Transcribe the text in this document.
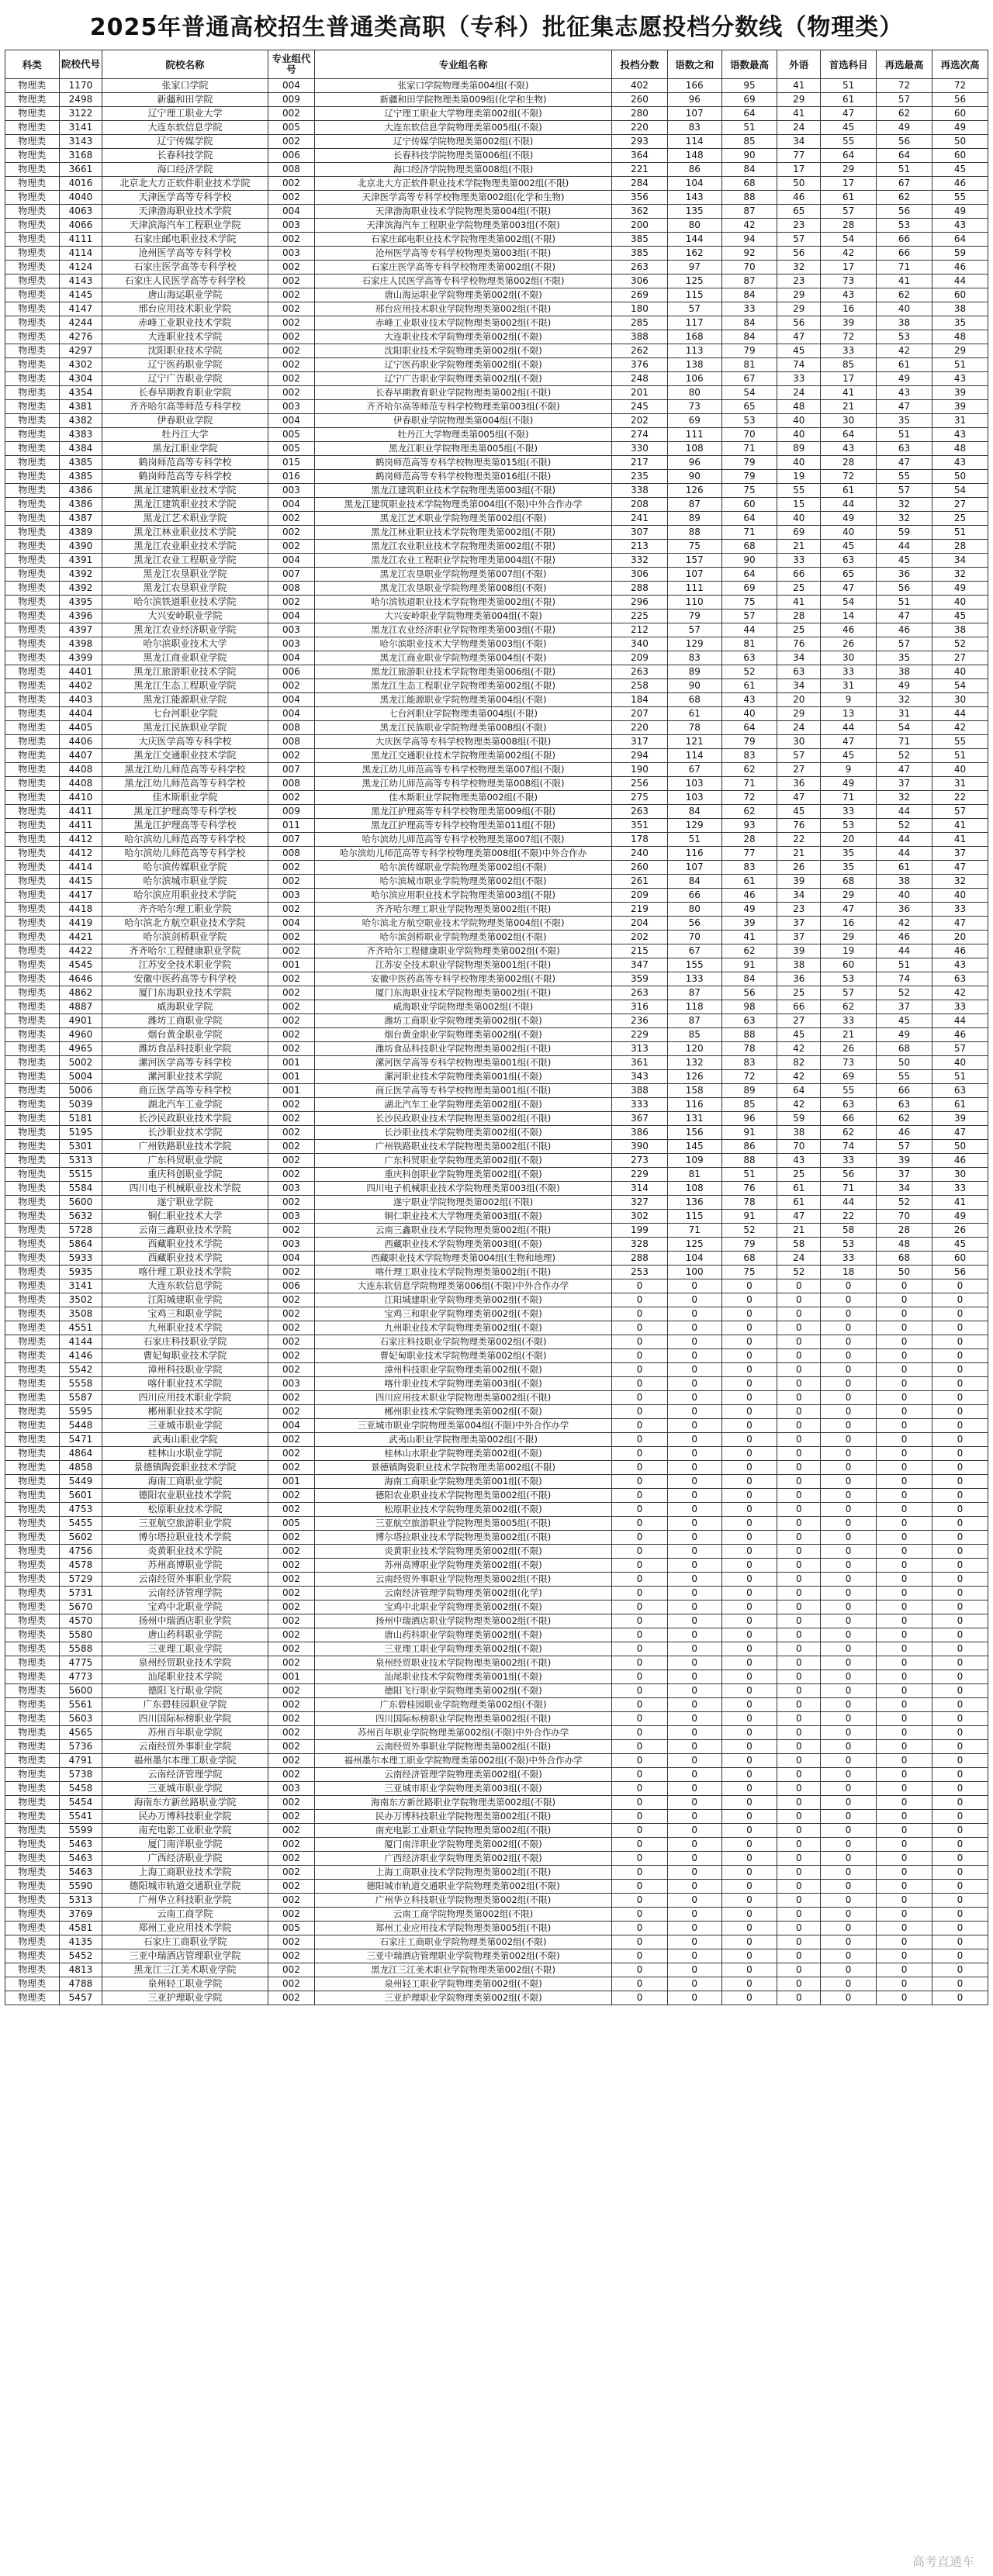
2025年普通高校招生普通类高职（专科）批征集志愿投档分数线（物理类）
科类	院校代号	院校名称	专业组代号	专业组名称	投档分数	语数之和	语数最高	外语	首选科目	再选最高	再选次高
物理类	1170	张家口学院	004	张家口学院物理类第004组(不限)	402	166	95	41	51	72	72
物理类	2498	新疆和田学院	009	新疆和田学院物理类第009组(化学和生物)	260	96	69	29	61	57	56
物理类	3122	辽宁理工职业大学	002	辽宁理工职业大学物理类第002组(不限)	280	107	64	41	47	62	60
物理类	3141	大连东软信息学院	005	大连东软信息学院物理类第005组(不限)	220	83	51	24	45	49	49
物理类	3143	辽宁传媒学院	002	辽宁传媒学院物理类第002组(不限)	293	114	85	34	55	56	50
物理类	3168	长春科技学院	006	长春科技学院物理类第006组(不限)	364	148	90	77	64	64	60
物理类	3661	海口经济学院	008	海口经济学院物理类第008组(不限)	221	86	84	17	29	51	45
物理类	4016	北京北大方正软件职业技术学院	002	北京北大方正软件职业技术学院物理类第002组(不限)	284	104	68	50	17	67	46
物理类	4040	天津医学高等专科学校	002	天津医学高等专科学校物理类第002组(化学和生物)	356	143	88	46	61	62	55
物理类	4063	天津渤海职业技术学院	004	天津渤海职业技术学院物理类第004组(不限)	362	135	87	65	57	56	49
物理类	4066	天津滨海汽车工程职业学院	003	天津滨海汽车工程职业学院物理类第003组(不限)	200	80	42	23	28	53	43
物理类	4111	石家庄邮电职业技术学院	002	石家庄邮电职业技术学院物理类第002组(不限)	385	144	94	57	54	66	64
物理类	4114	沧州医学高等专科学校	003	沧州医学高等专科学校物理类第003组(不限)	385	162	92	56	42	66	59
物理类	4124	石家庄医学高等专科学校	002	石家庄医学高等专科学校物理类第002组(不限)	263	97	70	32	17	71	46
物理类	4143	石家庄人民医学高等专科学校	002	石家庄人民医学高等专科学校物理类第002组(不限)	306	125	87	23	73	41	44
物理类	4145	唐山海运职业学院	002	唐山海运职业学院物理类第002组(不限)	269	115	84	29	43	62	60
物理类	4147	邢台应用技术职业学院	002	邢台应用技术职业学院物理类第002组(不限)	180	57	33	29	16	40	38
物理类	4244	赤峰工业职业技术学院	002	赤峰工业职业技术学院物理类第002组(不限)	285	117	84	56	39	38	35
物理类	4276	大连职业技术学院	002	大连职业技术学院物理类第002组(不限)	388	168	84	47	72	53	48
物理类	4297	沈阳职业技术学院	002	沈阳职业技术学院物理类第002组(不限)	262	113	79	45	33	42	29
物理类	4302	辽宁医药职业学院	002	辽宁医药职业学院物理类第002组(不限)	376	138	81	74	85	61	51
物理类	4304	辽宁广告职业学院	002	辽宁广告职业学院物理类第002组(不限)	248	106	67	33	17	49	43
物理类	4354	长春早期教育职业学院	002	长春早期教育职业学院物理类第002组(不限)	201	80	54	24	41	43	39
物理类	4381	齐齐哈尔高等师范专科学校	003	齐齐哈尔高等师范专科学校物理类第003组(不限)	245	73	65	48	21	47	39
物理类	4382	伊春职业学院	004	伊春职业学院物理类第004组(不限)	202	69	53	40	30	35	31
物理类	4383	牡丹江大学	005	牡丹江大学物理类第005组(不限)	274	111	70	40	64	51	43
物理类	4384	黑龙江职业学院	005	黑龙江职业学院物理类第005组(不限)	330	108	71	89	43	63	48
物理类	4385	鹤岗师范高等专科学校	015	鹤岗师范高等专科学校物理类第015组(不限)	217	96	79	40	28	47	43
物理类	4385	鹤岗师范高等专科学校	016	鹤岗师范高等专科学校物理类第016组(不限)	235	90	79	19	72	55	50
物理类	4386	黑龙江建筑职业技术学院	003	黑龙江建筑职业技术学院物理类第003组(不限)	338	126	75	55	61	57	54
物理类	4386	黑龙江建筑职业技术学院	004	黑龙江建筑职业技术学院物理类第004组(不限)中外合作办学	208	87	60	15	44	32	27
物理类	4387	黑龙江艺术职业学院	002	黑龙江艺术职业学院物理类第002组(不限)	241	89	64	40	49	32	25
物理类	4389	黑龙江林业职业技术学院	002	黑龙江林业职业技术学院物理类第002组(不限)	307	88	71	69	40	59	51
物理类	4390	黑龙江农业职业技术学院	002	黑龙江农业职业技术学院物理类第002组(不限)	213	75	68	21	45	44	28
物理类	4391	黑龙江农业工程职业学院	004	黑龙江农业工程职业学院物理类第004组(不限)	332	157	90	33	63	45	34
物理类	4392	黑龙江农垦职业学院	007	黑龙江农垦职业学院物理类第007组(不限)	306	107	64	66	65	36	32
物理类	4392	黑龙江农垦职业学院	008	黑龙江农垦职业学院物理类第008组(不限)	288	111	69	25	47	56	49
物理类	4395	哈尔滨铁道职业技术学院	002	哈尔滨铁道职业技术学院物理类第002组(不限)	296	110	75	41	54	51	40
物理类	4396	大兴安岭职业学院	004	大兴安岭职业学院物理类第004组(不限)	225	79	57	28	14	47	45
物理类	4397	黑龙江农业经济职业学院	003	黑龙江农业经济职业学院物理类第003组(不限)	212	57	44	25	46	46	38
物理类	4398	哈尔滨职业技术大学	003	哈尔滨职业技术大学物理类第003组(不限)	340	129	81	76	26	57	52
物理类	4399	黑龙江商业职业学院	004	黑龙江商业职业学院物理类第004组(不限)	209	83	63	34	30	35	27
物理类	4401	黑龙江旅游职业技术学院	006	黑龙江旅游职业技术学院物理类第006组(不限)	263	89	52	63	33	38	40
物理类	4402	黑龙江生态工程职业学院	002	黑龙江生态工程职业学院物理类第002组(不限)	258	90	61	34	31	49	54
物理类	4403	黑龙江能源职业学院	004	黑龙江能源职业学院物理类第004组(不限)	184	68	43	20	9	32	30
物理类	4404	七台河职业学院	004	七台河职业学院物理类第004组(不限)	207	61	40	29	13	31	44
物理类	4405	黑龙江民族职业学院	008	黑龙江民族职业学院物理类第008组(不限)	220	78	64	24	44	54	42
物理类	4406	大庆医学高等专科学校	008	大庆医学高等专科学校物理类第008组(不限)	317	121	79	30	47	71	55
物理类	4407	黑龙江交通职业技术学院	002	黑龙江交通职业技术学院物理类第002组(不限)	294	114	83	57	45	52	51
物理类	4408	黑龙江幼儿师范高等专科学校	007	黑龙江幼儿师范高等专科学校物理类第007组(不限)	190	67	62	27	9	47	40
物理类	4408	黑龙江幼儿师范高等专科学校	008	黑龙江幼儿师范高等专科学校物理类第008组(不限)	256	103	71	36	49	37	31
物理类	4410	佳木斯职业学院	002	佳木斯职业学院物理类第002组(不限)	275	103	72	47	71	32	22
物理类	4411	黑龙江护理高等专科学校	009	黑龙江护理高等专科学校物理类第009组(不限)	263	84	62	45	33	44	57
物理类	4411	黑龙江护理高等专科学校	011	黑龙江护理高等专科学校物理类第011组(不限)	351	129	93	76	53	52	41
物理类	4412	哈尔滨幼儿师范高等专科学校	007	哈尔滨幼儿师范高等专科学校物理类第007组(不限)	178	51	28	22	20	44	41
物理类	4412	哈尔滨幼儿师范高等专科学校	008	哈尔滨幼儿师范高等专科学校物理类第008组(不限)中外合作办	240	116	77	21	35	44	37
物理类	4414	哈尔滨传媒职业学院	002	哈尔滨传媒职业学院物理类第002组(不限)	260	107	83	26	35	61	47
物理类	4415	哈尔滨城市职业学院	002	哈尔滨城市职业学院物理类第002组(不限)	261	84	61	39	68	38	32
物理类	4417	哈尔滨应用职业技术学院	003	哈尔滨应用职业技术学院物理类第003组(不限)	209	66	46	34	29	40	40
物理类	4418	齐齐哈尔理工职业学院	002	齐齐哈尔理工职业学院物理类第002组(不限)	219	80	49	23	47	36	33
物理类	4419	哈尔滨北方航空职业技术学院	004	哈尔滨北方航空职业技术学院物理类第004组(不限)	204	56	39	37	16	42	47
物理类	4421	哈尔滨剑桥职业学院	002	哈尔滨剑桥职业学院物理类第002组(不限)	202	70	41	37	29	46	20
物理类	4422	齐齐哈尔工程健康职业学院	002	齐齐哈尔工程健康职业学院物理类第002组(不限)	215	67	62	39	19	44	46
物理类	4545	江苏安全技术职业学院	001	江苏安全技术职业学院物理类第001组(不限)	347	155	91	38	60	51	43
物理类	4646	安徽中医药高等专科学校	002	安徽中医药高等专科学校物理类第002组(不限)	359	133	84	36	53	74	63
物理类	4862	厦门东海职业技术学院	002	厦门东海职业技术学院物理类第002组(不限)	263	87	56	25	57	52	42
物理类	4887	威海职业学院	002	威海职业学院物理类第002组(不限)	316	118	98	66	62	37	33
物理类	4901	潍坊工商职业学院	002	潍坊工商职业学院物理类第002组(不限)	236	87	63	27	33	45	44
物理类	4960	烟台黄金职业学院	002	烟台黄金职业学院物理类第002组(不限)	229	85	88	45	21	49	46
物理类	4965	潍坊食品科技职业学院	002	潍坊食品科技职业学院物理类第002组(不限)	313	120	78	42	26	68	57
物理类	5002	漯河医学高等专科学校	001	漯河医学高等专科学校物理类第001组(不限)	361	132	83	82	73	50	40
物理类	5004	漯河职业技术学院	001	漯河职业技术学院物理类第001组(不限)	343	126	72	42	69	55	51
物理类	5006	商丘医学高等专科学校	001	商丘医学高等专科学校物理类第001组(不限)	388	158	89	64	55	66	63
物理类	5039	湖北汽车工业学院	002	湖北汽车工业学院物理类第002组(不限)	333	116	85	42	63	63	61
物理类	5181	长沙民政职业技术学院	002	长沙民政职业技术学院物理类第002组(不限)	367	131	96	59	66	62	39
物理类	5195	长沙职业技术学院	002	长沙职业技术学院物理类第002组(不限)	386	156	91	38	62	46	47
物理类	5301	广州铁路职业技术学院	002	广州铁路职业技术学院物理类第002组(不限)	390	145	86	70	74	57	50
物理类	5313	广东科贸职业学院	002	广东科贸职业学院物理类第002组(不限)	273	109	88	43	33	39	46
物理类	5515	重庆科创职业学院	002	重庆科创职业学院物理类第002组(不限)	229	81	51	25	56	37	30
物理类	5584	四川电子机械职业技术学院	003	四川电子机械职业技术学院物理类第003组(不限)	314	108	76	61	71	34	33
物理类	5600	遂宁职业学院	002	遂宁职业学院物理类第002组(不限)	327	136	78	61	44	52	41
物理类	5632	铜仁职业技术大学	003	铜仁职业技术大学物理类第003组(不限)	302	115	91	47	22	70	49
物理类	5728	云南三鑫职业技术学院	002	云南三鑫职业技术学院物理类第002组(不限)	199	71	52	21	58	28	26
物理类	5864	西藏职业技术学院	003	西藏职业技术学院物理类第003组(不限)	328	125	79	58	53	48	45
物理类	5933	西藏职业技术学院	004	西藏职业技术学院物理类第004组(生物和地理)	288	104	68	24	33	68	60
物理类	5935	喀什理工职业技术学院	002	喀什理工职业技术学院物理类第002组(不限)	253	100	75	52	18	50	56
物理类	3141	大连东软信息学院	006	大连东软信息学院物理类第006组(不限)中外合作办学	0	0	0	0	0	0	0
物理类	3502	江阳城建职业学院	002	江阳城建职业学院物理类第002组(不限)	0	0	0	0	0	0	0
物理类	3508	宝鸡三和职业学院	002	宝鸡三和职业学院物理类第002组(不限)	0	0	0	0	0	0	0
物理类	4551	九州职业技术学院	002	九州职业技术学院物理类第002组(不限)	0	0	0	0	0	0	0
物理类	4144	石家庄科技职业学院	002	石家庄科技职业学院物理类第002组(不限)	0	0	0	0	0	0	0
物理类	4146	曹妃甸职业技术学院	002	曹妃甸职业技术学院物理类第002组(不限)	0	0	0	0	0	0	0
物理类	5542	漳州科技职业学院	002	漳州科技职业学院物理类第002组(不限)	0	0	0	0	0	0	0
物理类	5558	喀什职业技术学院	003	喀什职业技术学院物理类第003组(不限)	0	0	0	0	0	0	0
物理类	5587	四川应用技术职业学院	002	四川应用技术职业学院物理类第002组(不限)	0	0	0	0	0	0	0
物理类	5595	郴州职业技术学院	002	郴州职业技术学院物理类第002组(不限)	0	0	0	0	0	0	0
物理类	5448	三亚城市职业学院	004	三亚城市职业学院物理类第004组(不限)中外合作办学	0	0	0	0	0	0	0
物理类	5471	武夷山职业学院	002	武夷山职业学院物理类第002组(不限)	0	0	0	0	0	0	0
物理类	4864	桂林山水职业学院	002	桂林山水职业学院物理类第002组(不限)	0	0	0	0	0	0	0
物理类	4858	景德镇陶瓷职业技术学院	002	景德镇陶瓷职业技术学院物理类第002组(不限)	0	0	0	0	0	0	0
物理类	5449	海南工商职业学院	001	海南工商职业学院物理类第001组(不限)	0	0	0	0	0	0	0
物理类	5601	德阳农业职业技术学院	002	德阳农业职业技术学院物理类第002组(不限)	0	0	0	0	0	0	0
物理类	4753	松原职业技术学院	002	松原职业技术学院物理类第002组(不限)	0	0	0	0	0	0	0
物理类	5455	三亚航空旅游职业学院	005	三亚航空旅游职业学院物理类第005组(不限)	0	0	0	0	0	0	0
物理类	5602	博尔塔拉职业技术学院	002	博尔塔拉职业技术学院物理类第002组(不限)	0	0	0	0	0	0	0
物理类	4756	炎黄职业技术学院	002	炎黄职业技术学院物理类第002组(不限)	0	0	0	0	0	0	0
物理类	4578	苏州高博职业学院	002	苏州高博职业学院物理类第002组(不限)	0	0	0	0	0	0	0
物理类	5729	云南经贸外事职业学院	002	云南经贸外事职业学院物理类第002组(不限)	0	0	0	0	0	0	0
物理类	5731	云南经济管理学院	002	云南经济管理学院物理类第002组(化学)	0	0	0	0	0	0	0
物理类	5670	宝鸡中北职业学院	002	宝鸡中北职业学院物理类第002组(不限)	0	0	0	0	0	0	0
物理类	4570	扬州中瑞酒店职业学院	002	扬州中瑞酒店职业学院物理类第002组(不限)	0	0	0	0	0	0	0
物理类	5580	唐山药科职业学院	002	唐山药科职业学院物理类第002组(不限)	0	0	0	0	0	0	0
物理类	5588	三亚理工职业学院	002	三亚理工职业学院物理类第002组(不限)	0	0	0	0	0	0	0
物理类	4775	泉州经贸职业技术学院	002	泉州经贸职业技术学院物理类第002组(不限)	0	0	0	0	0	0	0
物理类	4773	汕尾职业技术学院	001	汕尾职业技术学院物理类第001组(不限)	0	0	0	0	0	0	0
物理类	5600	德阳飞行职业学院	002	德阳飞行职业学院物理类第002组(不限)	0	0	0	0	0	0	0
物理类	5561	广东碧桂园职业学院	002	广东碧桂园职业学院物理类第002组(不限)	0	0	0	0	0	0	0
物理类	5603	四川国际标榜职业学院	002	四川国际标榜职业学院物理类第002组(不限)	0	0	0	0	0	0	0
物理类	4565	苏州百年职业学院	002	苏州百年职业学院物理类第002组(不限)中外合作办学	0	0	0	0	0	0	0
物理类	5736	云南经贸外事职业学院	002	云南经贸外事职业学院物理类第002组(不限)	0	0	0	0	0	0	0
物理类	4791	福州墨尔本理工职业学院	002	福州墨尔本理工职业学院物理类第002组(不限)中外合作办学	0	0	0	0	0	0	0
物理类	5738	云南经济管理学院	002	云南经济管理学院物理类第002组(不限)	0	0	0	0	0	0	0
物理类	5458	三亚城市职业学院	003	三亚城市职业学院物理类第003组(不限)	0	0	0	0	0	0	0
物理类	5454	海南东方新丝路职业学院	002	海南东方新丝路职业学院物理类第002组(不限)	0	0	0	0	0	0	0
物理类	5541	民办万博科技职业学院	002	民办万博科技职业学院物理类第002组(不限)	0	0	0	0	0	0	0
物理类	5599	南充电影工业职业学院	002	南充电影工业职业学院物理类第002组(不限)	0	0	0	0	0	0	0
物理类	5463	厦门南洋职业学院	002	厦门南洋职业学院物理类第002组(不限)	0	0	0	0	0	0	0
物理类	5463	广西经济职业学院	002	广西经济职业学院物理类第002组(不限)	0	0	0	0	0	0	0
物理类	5463	上海工商职业技术学院	002	上海工商职业技术学院物理类第002组(不限)	0	0	0	0	0	0	0
物理类	5590	德阳城市轨道交通职业学院	002	德阳城市轨道交通职业学院物理类第002组(不限)	0	0	0	0	0	0	0
物理类	5313	广州华立科技职业学院	002	广州华立科技职业学院物理类第002组(不限)	0	0	0	0	0	0	0
物理类	3769	云南工商学院	002	云南工商学院物理类第002组(不限)	0	0	0	0	0	0	0
物理类	4581	郑州工业应用技术学院	005	郑州工业应用技术学院物理类第005组(不限)	0	0	0	0	0	0	0
物理类	4135	石家庄工商职业学院	002	石家庄工商职业学院物理类第002组(不限)	0	0	0	0	0	0	0
物理类	5452	三亚中瑞酒店管理职业学院	002	三亚中瑞酒店管理职业学院物理类第002组(不限)	0	0	0	0	0	0	0
物理类	4813	黑龙江三江美术职业学院	002	黑龙江三江美术职业学院物理类第002组(不限)	0	0	0	0	0	0	0
物理类	4788	泉州轻工职业学院	002	泉州轻工职业学院物理类第002组(不限)	0	0	0	0	0	0	0
物理类	5457	三亚护理职业学院	002	三亚护理职业学院物理类第002组(不限)	0	0	0	0	0	0	0
高考直通车
